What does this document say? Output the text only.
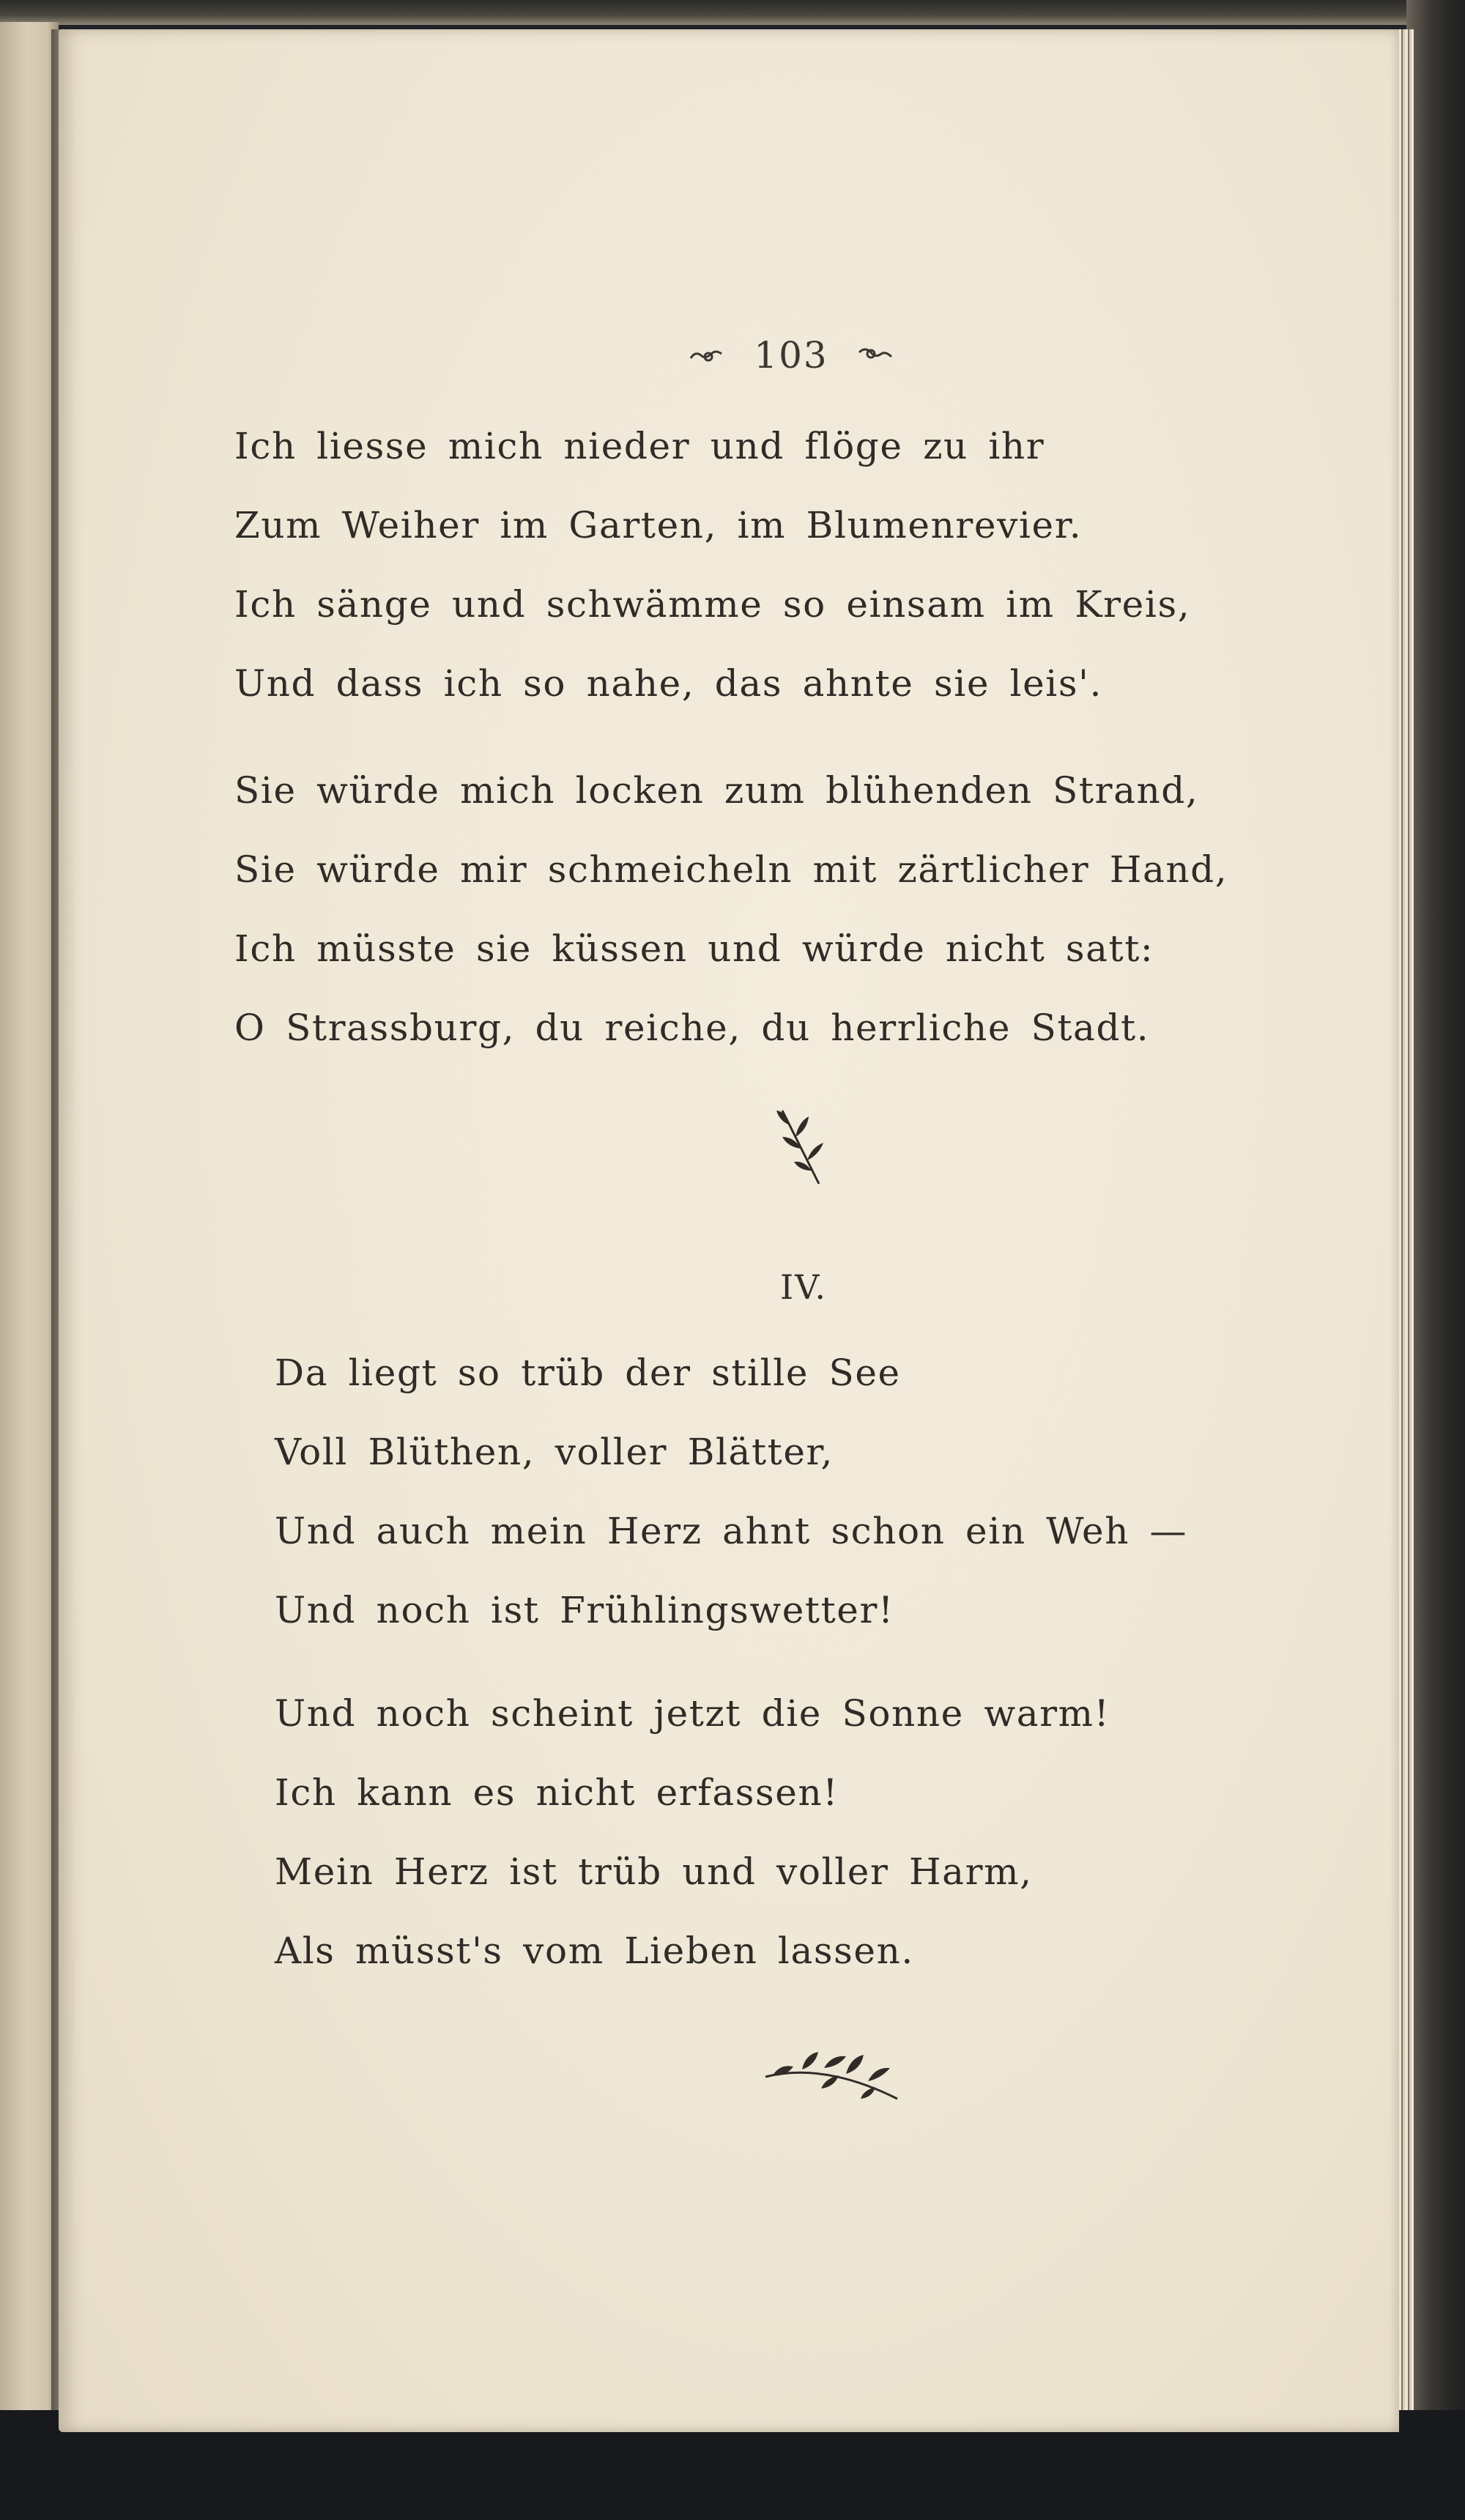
103
Ich liesse mich nieder und flöge zu ihr
Zum Weiher im Garten, im Blumenrevier.
Ich sänge und schwämme so einsam im Kreis,
Und dass ich so nahe, das ahnte sie leis'.
Sie würde mich locken zum blühenden Strand,
Sie würde mir schmeicheln mit zärtlicher Hand,
Ich müsste sie küssen und würde nicht satt:
O Strassburg, du reiche, du herrliche Stadt.
IV.
Da liegt so trüb der stille See
Voll Blüthen, voller Blätter,
Und auch mein Herz ahnt schon ein Weh —
Und noch ist Frühlingswetter!
Und noch scheint jetzt die Sonne warm!
Ich kann es nicht erfassen!
Mein Herz ist trüb und voller Harm,
Als müsst's vom Lieben lassen.
